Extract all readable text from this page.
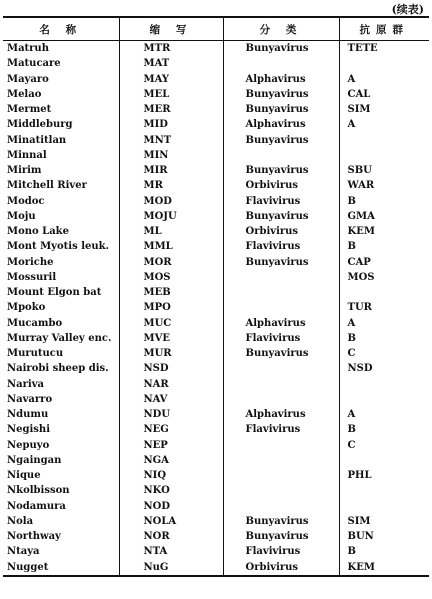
(续表)
名 称	缩 写	分 类	抗原群
Matruh	MTR	Bunyavirus	TETE
Matucare	MAT		
Mayaro	MAY	Alphavirus	A
Melao	MEL	Bunyavirus	CAL
Mermet	MER	Bunyavirus	SIM
Middleburg	MID	Alphavirus	A
Minatitlan	MNT	Bunyavirus	
Minnal	MIN		
Mirim	MIR	Bunyavirus	SBU
Mitchell River	MR	Orbivirus	WAR
Modoc	MOD	Flavivirus	B
Moju	MOJU	Bunyavirus	GMA
Mono Lake	ML	Orbivirus	KEM
Mont Myotis leuk.	MML	Flavivirus	B
Moriche	MOR	Bunyavirus	CAP
Mossuril	MOS		MOS
Mount Elgon bat	MEB		
Mpoko	MPO		TUR
Mucambo	MUC	Alphavirus	A
Murray Valley enc.	MVE	Flavivirus	B
Murutucu	MUR	Bunyavirus	C
Nairobi sheep dis.	NSD		NSD
Nariva	NAR		
Navarro	NAV		
Ndumu	NDU	Alphavirus	A
Negishi	NEG	Flavivirus	B
Nepuyo	NEP		C
Ngaingan	NGA		
Nique	NIQ		PHL
Nkolbisson	NKO		
Nodamura	NOD		
Nola	NOLA	Bunyavirus	SIM
Northway	NOR	Bunyavirus	BUN
Ntaya	NTA	Flavivirus	B
Nugget	NuG	Orbivirus	KEM
